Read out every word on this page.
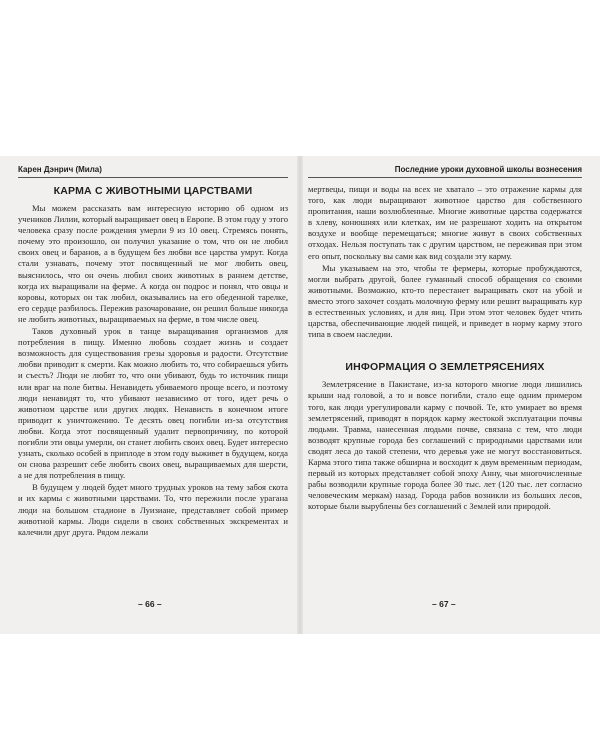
Карен Дэнрич (Мила)
КАРМА С ЖИВОТНЫМИ ЦАРСТВАМИ

Мы можем рассказать вам интересную историю об одном из учеников Лилии, который выращивает овец в Европе. В этом году у этого человека сразу после рождения умерли 9 из 10 овец. Стремясь понять, почему это произошло, он получил указание о том, что он не любил своих овец и баранов, а в будущем без любви все царства умрут. Когда стали узнавать, почему этот посвященный не мог любить овец, выяснилось, что он очень любил своих животных в раннем детстве, когда их выращивали на ферме. А когда он подрос и понял, что овцы и коровы, которых он так любил, оказывались на его обеденной тарелке, его сердце разбилось. Пережив разочарование, он решил больше никогда не любить животных, выращиваемых на ферме, в том числе овец.

Таков духовный урок в танце выращивания организмов для потребления в пищу. Именно любовь создает жизнь и создает возможность для существования грезы здоровья и радости. Отсутствие любви приводит к смерти. Как можно любить то, что собираешься убить и съесть? Люди не любят то, что они убивают, будь то источник пищи или враг на поле битвы. Ненавидеть убиваемого проще всего, и поэтому люди ненавидят то, что убивают независимо от того, идет речь о животном царстве или других людях. Ненависть в конечном итоге приводит к уничтожению. Те десять овец погибли из-за отсутствия любви. Когда этот посвященный удалит первопричину, по которой погибли эти овцы умерли, он станет любить своих овец. Будет интересно узнать, сколько особей в приплоде в этом году выживет в будущем, когда он снова разрешит себе любить своих овец, выращиваемых для шерсти, а не для потребления в пищу.

В будущем у людей будет много трудных уроков на тему забоя скота и их кармы с животными царствами. То, что пережили после урагана люди на большом стадионе в Луизиане, представляет собой пример животной кармы. Люди сидели в своих собственных экскрементах и калечили друг друга. Рядом лежали

– 66 –
Последние уроки духовной школы вознесения

мертвецы, пищи и воды на всех не хватало – это отражение кармы для того, как люди выращивают животное царство для собственного пропитания, наши возлюбленные. Многие животные царства содержатся в хлеву, конюшнях или клетках, им не разрешают ходить на открытом воздухе и вообще перемещаться; многие живут в своих собственных отходах. Нельзя поступать так с другим царством, не переживая при этом его опыт, поскольку вы сами как вид создали эту карму.

Мы указываем на это, чтобы те фермеры, которые пробуждаются, могли выбрать другой, более гуманный способ обращения со своими животными. Возможно, кто-то перестанет выращивать скот на убой и вместо этого захочет создать молочную ферму или решит выращивать кур в естественных условиях, и для яиц. При этом этот человек будет чтить царства, обеспечивающие людей пищей, и приведет в норму карму этого типа в своем наследии.

ИНФОРМАЦИЯ О ЗЕМЛЕТРЯСЕНИЯХ

Землетрясение в Пакистане, из-за которого многие люди лишились крыши над головой, а то и вовсе погибли, стало еще одним примером того, как люди урегулировали карму с почвой. Те, кто умирает во время землетрясений, приводят в порядок карму жестокой эксплуатации почвы людьми. Травма, нанесенная людьми почве, связана с тем, что люди возводят крупные города без соглашений с природными царствами или сводят леса до такой степени, что деревья уже не могут восстановиться. Карма этого типа также обширна и восходит к двум временным периодам, первый из которых представляет собой эпоху Анну, чьи многочисленные рабы возводили крупные города более 30 тыс. лет (120 тыс. лет согласно человеческим меркам) назад. Города рабов возникли из больших лесов, которые были вырублены без соглашений с Землей или природой.

– 67 –
